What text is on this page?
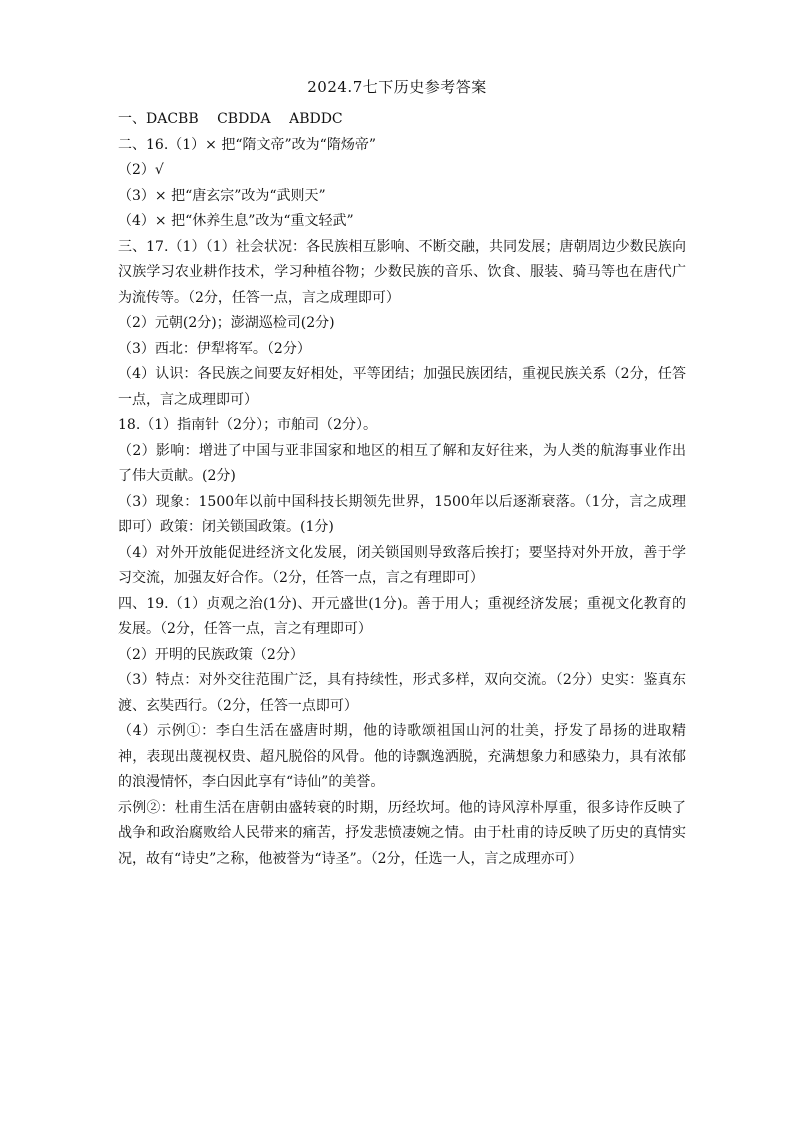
2024.7七下历史参考答案

一、DACBB　 CBDDA　 ABDDC

二、16.（1）× 把“隋文帝”改为“隋炀帝”

（2）√

（3）× 把“唐玄宗”改为“武则天”

（4）× 把“休养生息”改为“重文轻武”

三、17.（1）（1）社会状况：各民族相互影响、不断交融，共同发展；唐朝周边少数民族向汉族学习农业耕作技术，学习种植谷物；少数民族的音乐、饮食、服装、骑马等也在唐代广为流传等。（2分，任答一点，言之成理即可）

（2）元朝(2分)；澎湖巡检司(2分)

（3）西北：伊犁将军。（2分）

（4）认识：各民族之间要友好相处，平等团结；加强民族团结，重视民族关系（2分，任答一点，言之成理即可）

18.（1）指南针（2分）；市舶司（2分）。

（2）影响：增进了中国与亚非国家和地区的相互了解和友好往来，为人类的航海事业作出了伟大贡献。(2分)

（3）现象：1500年以前中国科技长期领先世界，1500年以后逐渐衰落。（1分，言之成理即可）政策：闭关锁国政策。(1分)

（4）对外开放能促进经济文化发展，闭关锁国则导致落后挨打；要坚持对外开放，善于学习交流，加强友好合作。（2分，任答一点，言之有理即可）

四、19.（1）贞观之治(1分)、开元盛世(1分)。善于用人；重视经济发展；重视文化教育的发展。（2分，任答一点，言之有理即可）

（2）开明的民族政策（2分）

（3）特点：对外交往范围广泛，具有持续性，形式多样，双向交流。（2分）史实：鉴真东渡、玄奘西行。（2分，任答一点即可）

（4）示例①：李白生活在盛唐时期，他的诗歌颂祖国山河的壮美，抒发了昂扬的进取精神，表现出蔑视权贵、超凡脱俗的风骨。他的诗飘逸洒脱，充满想象力和感染力，具有浓郁的浪漫情怀，李白因此享有“诗仙”的美誉。

示例②：杜甫生活在唐朝由盛转衰的时期，历经坎坷。他的诗风淳朴厚重，很多诗作反映了战争和政治腐败给人民带来的痛苦，抒发悲愤凄婉之情。由于杜甫的诗反映了历史的真情实况，故有“诗史”之称，他被誉为“诗圣”。（2分，任选一人，言之成理亦可）
